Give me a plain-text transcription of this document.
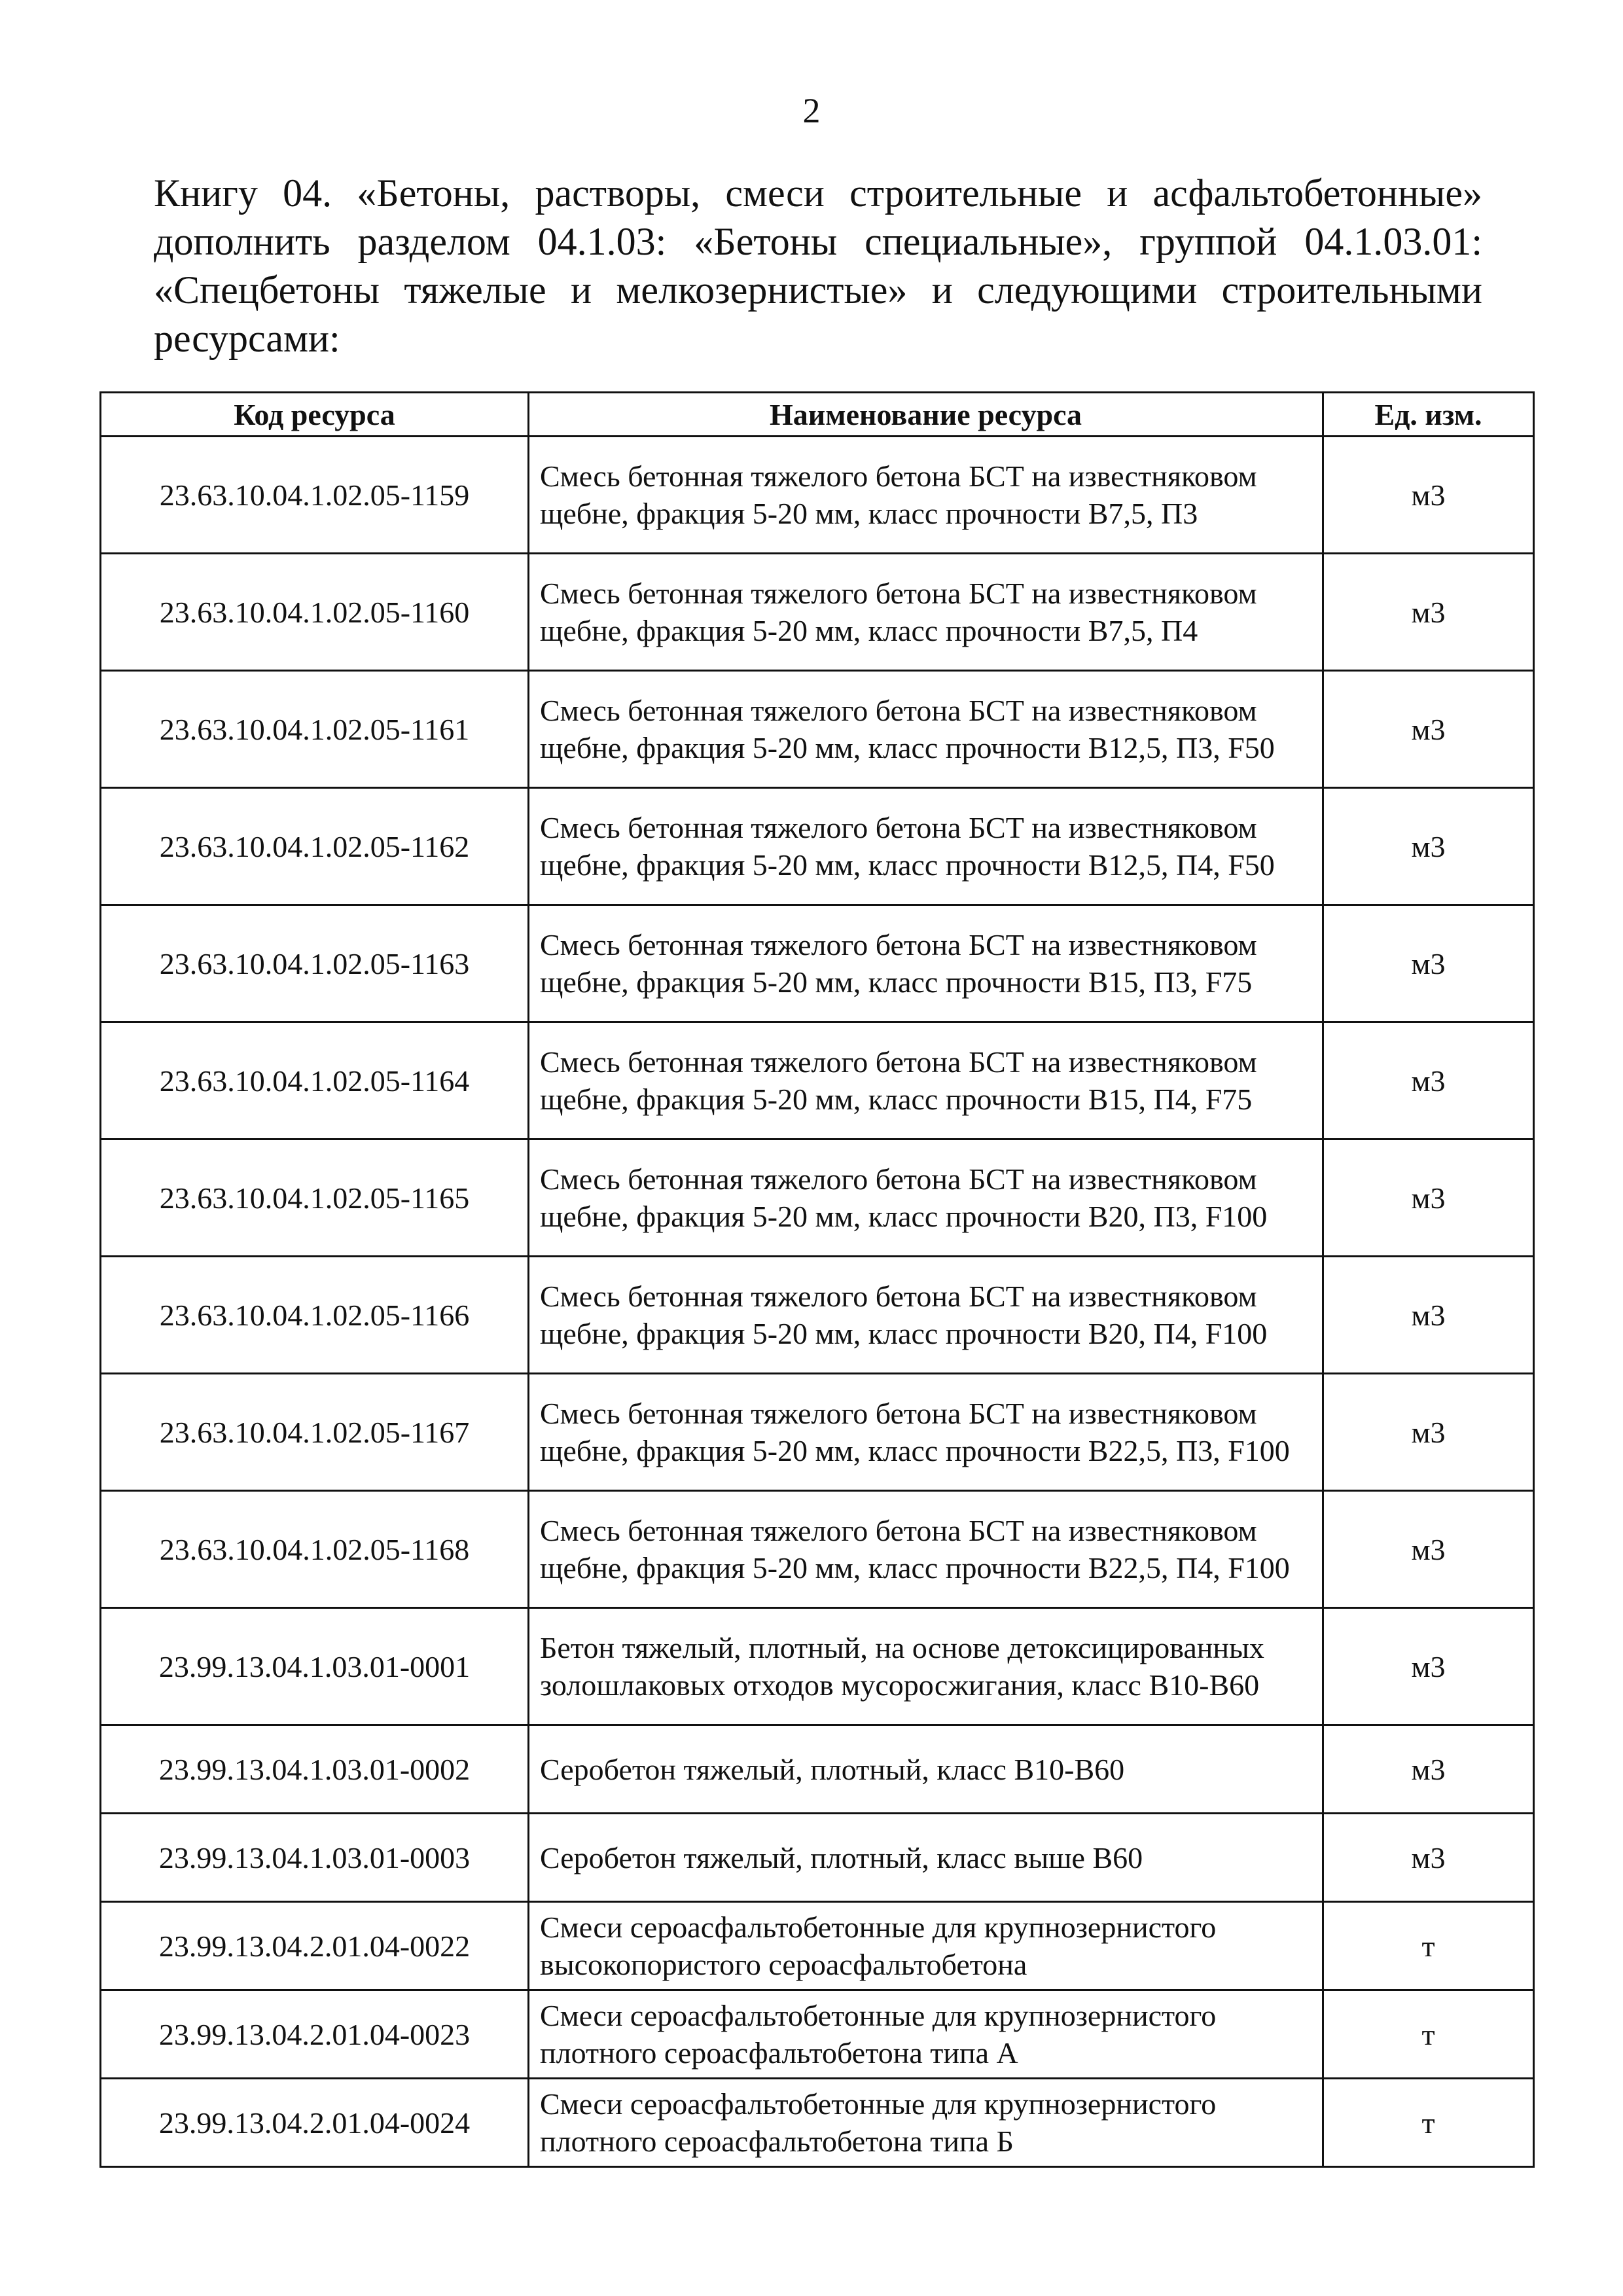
2

Книгу 04. «Бетоны, растворы, смеси строительные и асфальтобетонные» дополнить разделом 04.1.03: «Бетоны специальные», группой 04.1.03.01: «Спецбетоны тяжелые и мелкозернистые» и следующими строительными ресурсами:

Код ресурса	Наименование ресурса	Ед. изм.
23.63.10.04.1.02.05-1159	Смесь бетонная тяжелого бетона БСТ на известняковом щебне, фракция 5-20 мм, класс прочности B7,5, П3	м3
23.63.10.04.1.02.05-1160	Смесь бетонная тяжелого бетона БСТ на известняковом щебне, фракция 5-20 мм, класс прочности B7,5, П4	м3
23.63.10.04.1.02.05-1161	Смесь бетонная тяжелого бетона БСТ на известняковом щебне, фракция 5-20 мм, класс прочности B12,5, П3, F50	м3
23.63.10.04.1.02.05-1162	Смесь бетонная тяжелого бетона БСТ на известняковом щебне, фракция 5-20 мм, класс прочности B12,5, П4, F50	м3
23.63.10.04.1.02.05-1163	Смесь бетонная тяжелого бетона БСТ на известняковом щебне, фракция 5-20 мм, класс прочности B15, П3, F75	м3
23.63.10.04.1.02.05-1164	Смесь бетонная тяжелого бетона БСТ на известняковом щебне, фракция 5-20 мм, класс прочности B15, П4, F75	м3
23.63.10.04.1.02.05-1165	Смесь бетонная тяжелого бетона БСТ на известняковом щебне, фракция 5-20 мм, класс прочности B20, П3, F100	м3
23.63.10.04.1.02.05-1166	Смесь бетонная тяжелого бетона БСТ на известняковом щебне, фракция 5-20 мм, класс прочности B20, П4, F100	м3
23.63.10.04.1.02.05-1167	Смесь бетонная тяжелого бетона БСТ на известняковом щебне, фракция 5-20 мм, класс прочности B22,5, П3, F100	м3
23.63.10.04.1.02.05-1168	Смесь бетонная тяжелого бетона БСТ на известняковом щебне, фракция 5-20 мм, класс прочности B22,5, П4, F100	м3
23.99.13.04.1.03.01-0001	Бетон тяжелый, плотный, на основе детоксицированных золошлаковых отходов мусоросжигания, класс B10-B60	м3
23.99.13.04.1.03.01-0002	Серобетон тяжелый, плотный, класс B10-B60	м3
23.99.13.04.1.03.01-0003	Серобетон тяжелый, плотный, класс выше B60	м3
23.99.13.04.2.01.04-0022	Смеси сероасфальтобетонные для крупнозернистого высокопористого сероасфальтобетона	т
23.99.13.04.2.01.04-0023	Смеси сероасфальтобетонные для крупнозернистого плотного сероасфальтобетона типа А	т
23.99.13.04.2.01.04-0024	Смеси сероасфальтобетонные для крупнозернистого плотного сероасфальтобетона типа Б	т
